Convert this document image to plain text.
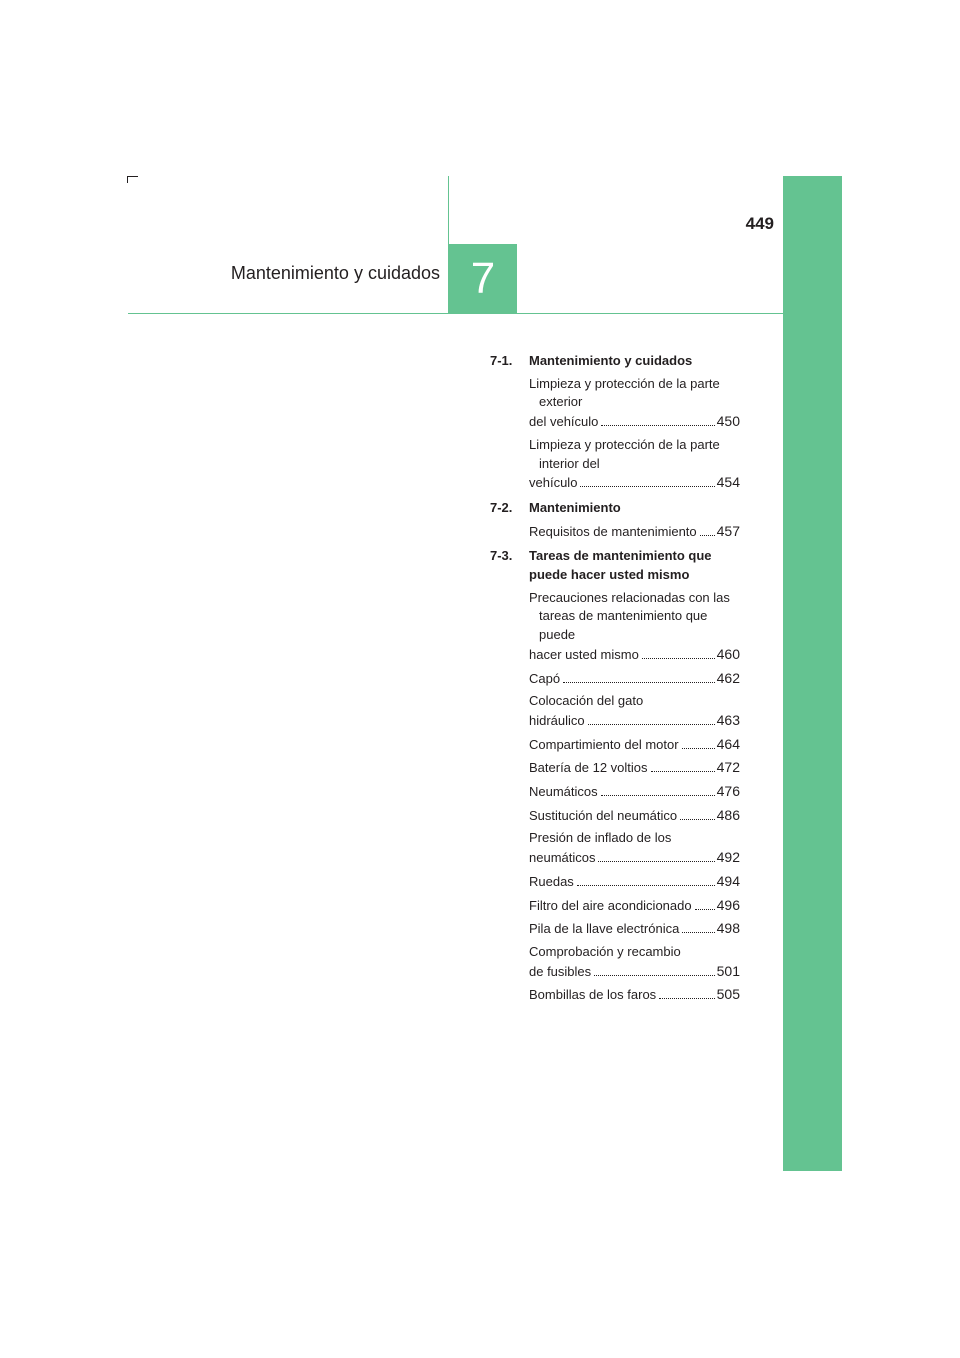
449
Mantenimiento y cuidados 7
7-1. Mantenimiento y cuidados
Limpieza y protección de la parte exterior
del vehículo	450
Limpieza y protección de la parte interior del
vehículo	454
7-2. Mantenimiento
Requisitos de mantenimiento 457
7-3. Tareas de mantenimiento que puede hacer usted mismo
Precauciones relacionadas con las tareas de mantenimiento que puede
hacer usted mismo	460
Capó	462
Colocación del gato
hidráulico	463
Compartimiento del motor	464
Batería de 12 voltios	472
Neumáticos	476
Sustitución del neumático	486
Presión de inflado de los
neumáticos	492
Ruedas	494
Filtro del aire acondicionado 496
Pila de la llave electrónica	498
Comprobación y recambio
de fusibles	501
Bombillas de los faros	505
